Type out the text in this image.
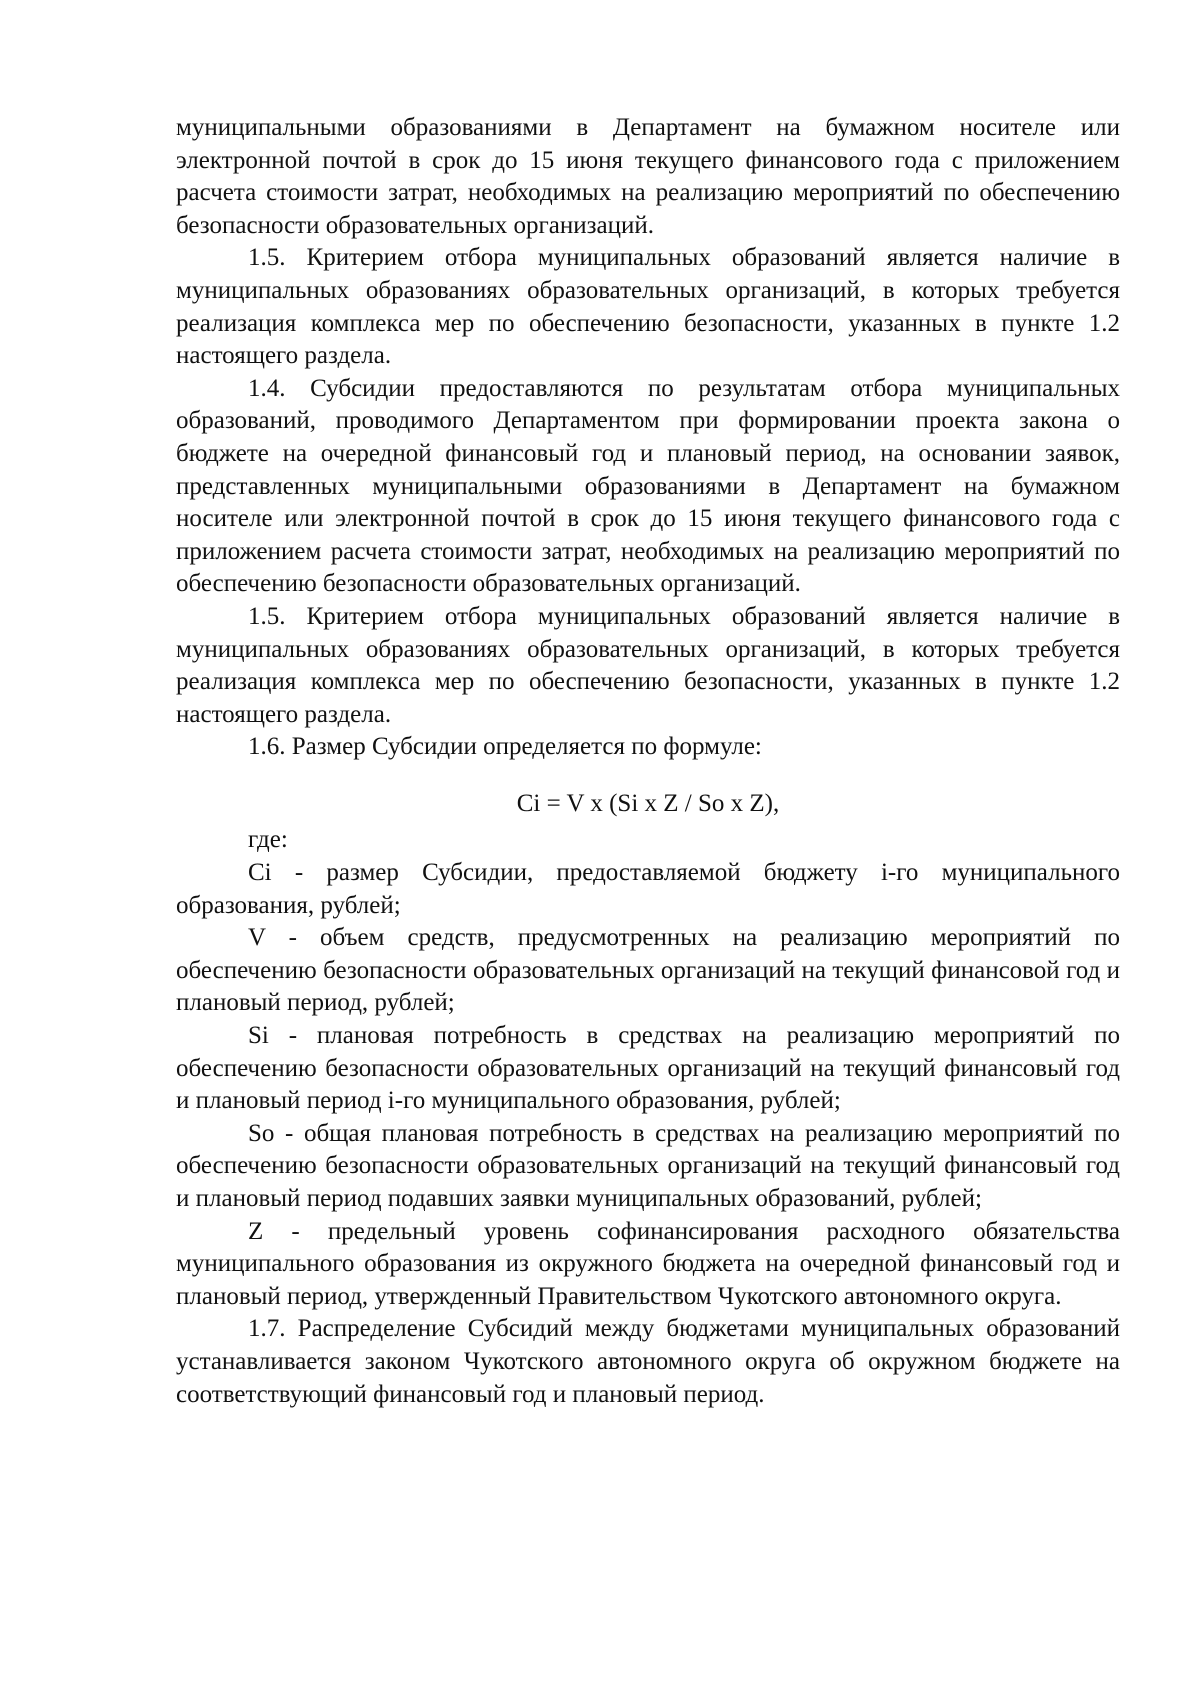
муниципальными образованиями в Департамент на бумажном носителе или электронной почтой в срок до 15 июня текущего финансового года с приложением расчета стоимости затрат, необходимых на реализацию мероприятий по обеспечению безопасности образовательных организаций.

1.5. Критерием отбора муниципальных образований является наличие в муниципальных образованиях образовательных организаций, в которых требуется реализация комплекса мер по обеспечению безопасности, указанных в пункте 1.2 настоящего раздела.

1.4. Субсидии предоставляются по результатам отбора муниципальных образований, проводимого Департаментом при формировании проекта закона о бюджете на очередной финансовый год и плановый период, на основании заявок, представленных муниципальными образованиями в Департамент на бумажном носителе или электронной почтой в срок до 15 июня текущего финансового года с приложением расчета стоимости затрат, необходимых на реализацию мероприятий по обеспечению безопасности образовательных организаций.

1.5. Критерием отбора муниципальных образований является наличие в муниципальных образованиях образовательных организаций, в которых требуется реализация комплекса мер по обеспечению безопасности, указанных в пункте 1.2 настоящего раздела.

1.6. Размер Субсидии определяется по формуле:

Ci = V x (Si x Z / So x Z),

где:

Ci - размер Субсидии, предоставляемой бюджету i-го муниципального образования, рублей;

V - объем средств, предусмотренных на реализацию мероприятий по обеспечению безопасности образовательных организаций на текущий финансовой год и плановый период, рублей;

Si - плановая потребность в средствах на реализацию мероприятий по обеспечению безопасности образовательных организаций на текущий финансовый год и плановый период i-го муниципального образования, рублей;

So - общая плановая потребность в средствах на реализацию мероприятий по обеспечению безопасности образовательных организаций на текущий финансовый год и плановый период подавших заявки муниципальных образований, рублей;

Z - предельный уровень софинансирования расходного обязательства муниципального образования из окружного бюджета на очередной финансовый год и плановый период, утвержденный Правительством Чукотского автономного округа.

1.7. Распределение Субсидий между бюджетами муниципальных образований устанавливается законом Чукотского автономного округа об окружном бюджете на соответствующий финансовый год и плановый период.
